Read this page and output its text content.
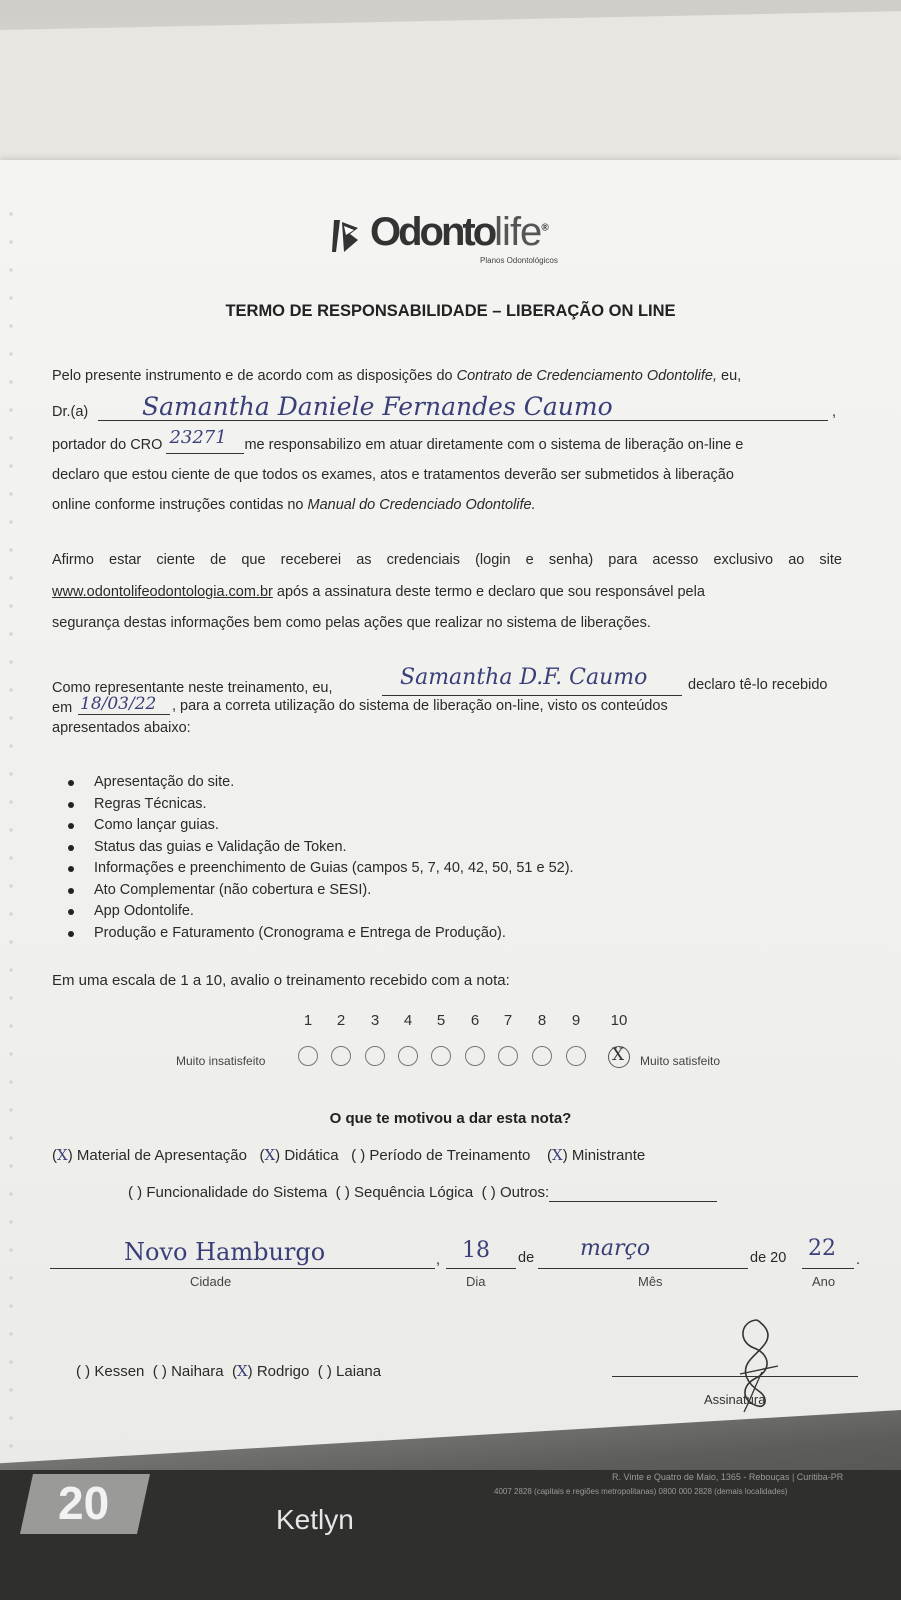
Odontolife®
Planos Odontológicos
TERMO DE RESPONSABILIDADE – LIBERAÇÃO ON LINE
Pelo presente instrumento e de acordo com as disposições do Contrato de Credenciamento Odontolife, eu,
Dr.(a) Samantha Daniele Fernandes Caumo	,
portador do CRO 23271 me responsabilizo em atuar diretamente com o sistema de liberação on-line e
declaro que estou ciente de que todos os exames, atos e tratamentos deverão ser submetidos à liberação
online conforme instruções contidas no Manual do Credenciado Odontolife.
Afirmo estar ciente de que receberei as credenciais (login e senha) para acesso exclusivo ao site
www.odontolifeodontologia.com.br após a assinatura deste termo e declaro que sou responsável pela
segurança destas informações bem como pelas ações que realizar no sistema de liberações.
Como representante neste treinamento, eu,	Samantha D.F. Caumo	declaro tê-lo recebido
em 18/03/22 , para a correta utilização do sistema de liberação on-line, visto os conteúdos
apresentados abaixo:
Apresentação do site.
Regras Técnicas.
Como lançar guias.
Status das guias e Validação de Token.
Informações e preenchimento de Guias (campos 5, 7, 40, 42, 50, 51 e 52).
Ato Complementar (não cobertura e SESI).
App Odontolife.
Produção e Faturamento (Cronograma e Entrega de Produção).
Em uma escala de 1 a 10, avalio o treinamento recebido com a nota:
1	2	3	4	5	6	7	8	9	10
Muito insatisfeito	X Muito satisfeito
O que te motivou a dar esta nota?
(X) Material de Apresentação (X) Didática ( ) Período de Treinamento (X) Ministrante
( ) Funcionalidade do Sistema ( ) Sequência Lógica ( ) Outros:
Novo Hamburgo	,
Cidade
18
Dia
de março
Mês
de 20 22 .
Ano
( ) Kessen ( ) Naihara (X) Rodrigo ( ) Laiana
Assinatura
20	Ketlyn
R. Vinte e Quatro de Maio, 1365 - Rebouças | Curitiba-PR
4007 2828 (capitais e regiões metropolitanas) 0800 000 2828 (demais localidades)
